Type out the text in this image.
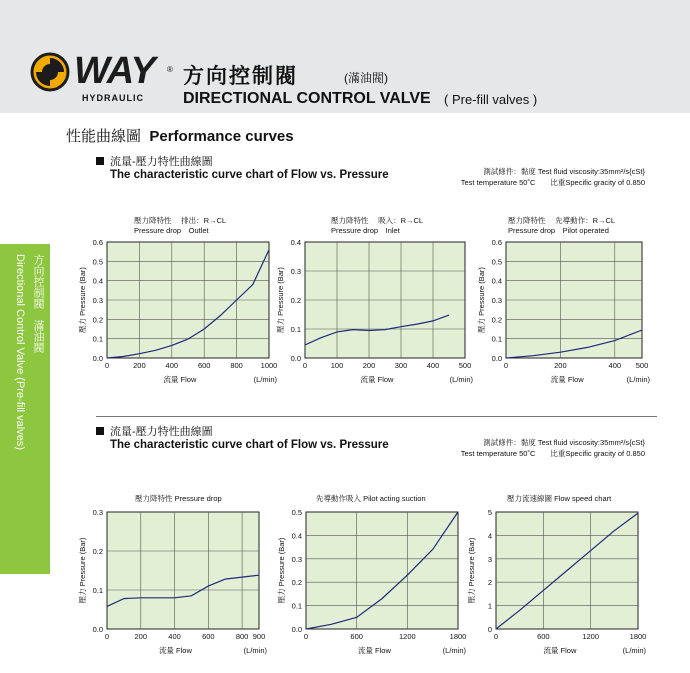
WAY ®
HYDRAULIC
方向控制閥	(滿油閥)
DIRECTIONAL CONTROL VALVE ( Pre-fill valves )
方向控制閥　滿油閥
Directional Control Valve (Pre-fill valves)
性能曲線圖 Performance curves
流量-壓力特性曲線圖
The characteristic curve chart of Flow vs. Pressure	測試條件：黏度 Test fluid viscosity:35mm²/s{cSt}
Test temperature 50˚C　　比重Specific gracity of 0.850
壓力降特性　 排出：R→CL
Pressure drop　Outlet
壓力降特性　 吸入：R→CL
Pressure drop　Inlet
壓力降特性　 先導動作：R→CL
Pressure drop　Pilot operated
流量-壓力特性曲線圖
The characteristic curve chart of Flow vs. Pressure	測試條件：黏度 Test fluid viscosity:35mm²/s{cSt}
Test temperature 50˚C　　比重Specific gracity of 0.850
壓力降特性 Pressure drop	先導動作吸入 Pilot acting suction	壓力流速線圖 Flow speed chart
0	200	400	600	800 1000
0.0
0.1
0.2
0.3
0.4
0.5
0.6
壓力 Pressure (Bar)
流量 Flow	(L/min)
0	100	200	300	400	500
0.0
0.1
0.2
0.3
0.4
壓力 Pressure (Bar)
流量 Flow	(L/min)
0	200	400 500
0.0
0.1
0.2
0.3
0.4
0.5
0.6
壓力 Pressure (Bar)
流量 Flow	(L/min)
0	200	400	600	800 900
0.0
0.1
0.2
0.3
壓力 Pressure (Bar)
流量 Flow	(L/min)
0	600	1200	1800
0.0
0.1
0.2
0.3
0.4
0.5
壓力 Pressure (Bar)
流量 Flow	(L/min)
0	600	1200	1800
0
1
2
3
4
5
壓力 Pressure (Bar)
流量 Flow	(L/min)
